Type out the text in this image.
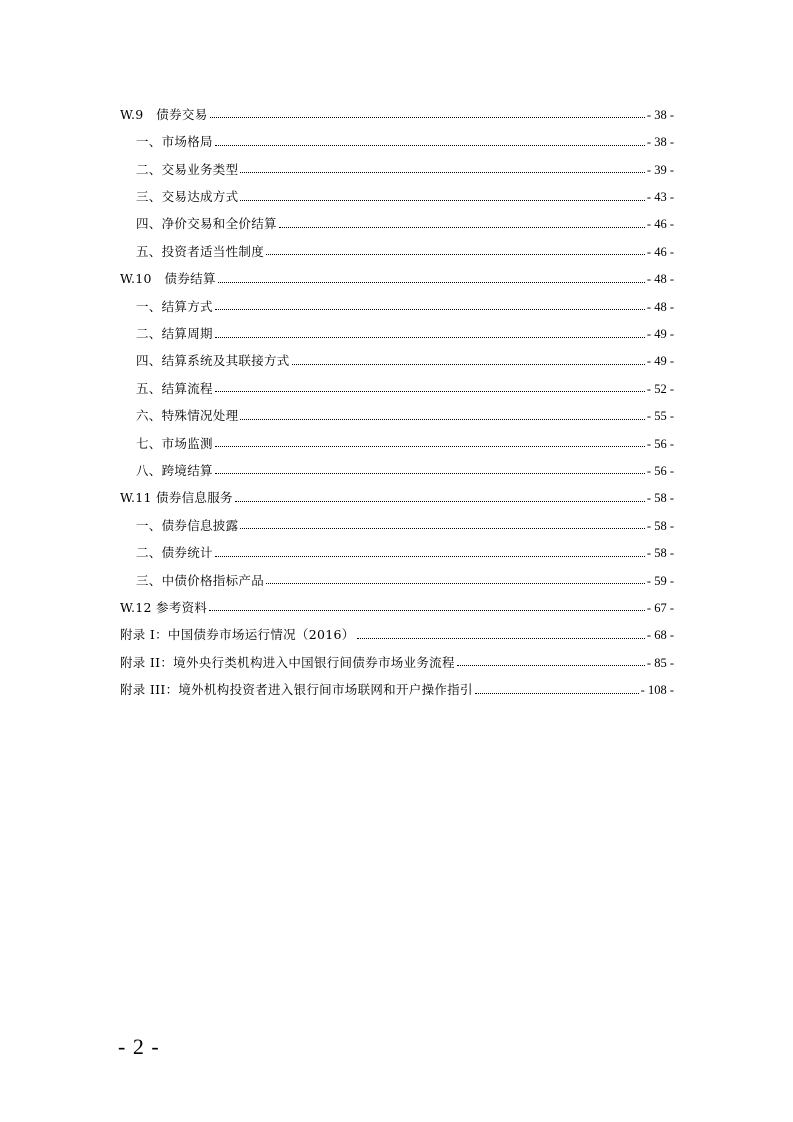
W.9　债券交易	- 38 -
一、市场格局	- 38 -
二、交易业务类型	- 39 -
三、交易达成方式	- 43 -
四、净价交易和全价结算	- 46 -
五、投资者适当性制度	- 46 -
W.10　债券结算	- 48 -
一、结算方式	- 48 -
二、结算周期	- 49 -
四、结算系统及其联接方式	- 49 -
五、结算流程	- 52 -
六、特殊情况处理	- 55 -
七、市场监测	- 56 -
八、跨境结算	- 56 -
W.11 债券信息服务	- 58 -
一、债券信息披露	- 58 -
二、债券统计	- 58 -
三、中债价格指标产品	- 59 -
W.12 参考资料	- 67 -
附录 I：中国债券市场运行情况（2016）	- 68 -
附录 II：境外央行类机构进入中国银行间债券市场业务流程	- 85 -
附录 III：境外机构投资者进入银行间市场联网和开户操作指引	- 108 -
- 2 -
